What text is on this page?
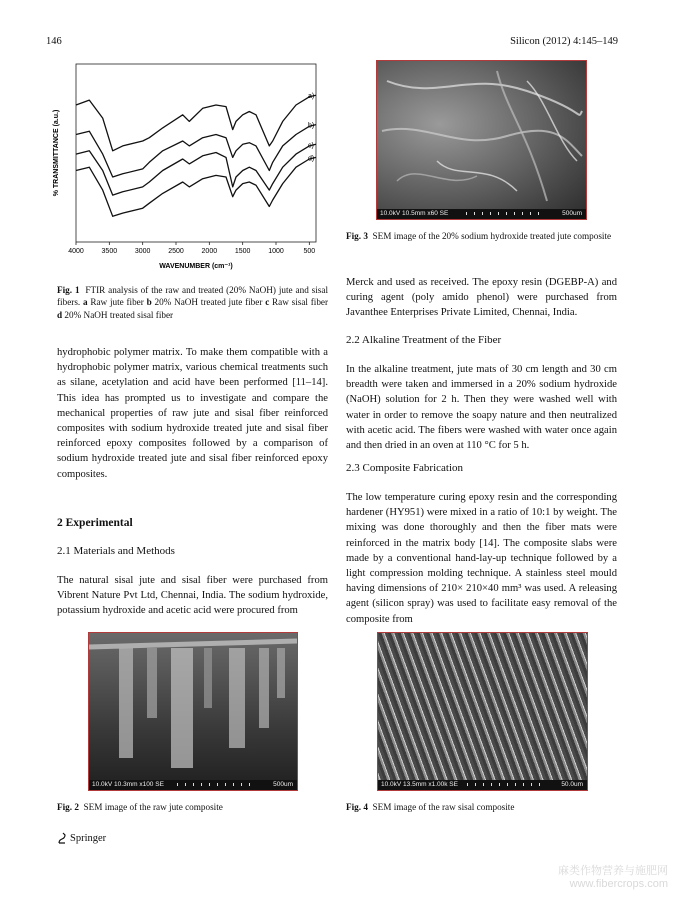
146	Silicon (2012) 4:145–149
4000	3500	3000	2500	2000	1500	1000	500
a)
b)
c)
d)
% TRANSMITTANCE (a.u.)
WAVENUMBER (cm⁻¹)

Fig. 1 FTIR analysis of the raw and treated (20% NaOH) jute and sisal fibers. a Raw jute fiber b 20% NaOH treated jute fiber c Raw sisal fiber d 20% NaOH treated sisal fiber

hydrophobic polymer matrix. To make them compatible with a hydrophobic polymer matrix, various chemical treatments such as silane, acetylation and acid have been performed [11–14]. This idea has prompted us to investigate and compare the mechanical properties of raw jute and sisal fiber reinforced composites with sodium hydroxide treated jute and sisal fiber reinforced epoxy composites followed by a comparison of sodium hydroxide treated jute and sisal fiber reinforced epoxy composites.

2 Experimental
2.1 Materials and Methods

The natural sisal jute and sisal fiber were purchased from Vibrent Nature Pvt Ltd, Chennai, India. The sodium hydroxide, potassium hydroxide and acetic acid were procured from

10.0kV 10.5mm x60 SE	500um

Fig. 3 SEM image of the 20% sodium hydroxide treated jute composite

Merck and used as received. The epoxy resin (DGEBP-A) and curing agent (poly amido phenol) were purchased from Javanthee Enterprises Private Limited, Chennai, India.

2.2 Alkaline Treatment of the Fiber

In the alkaline treatment, jute mats of 30 cm length and 30 cm breadth were taken and immersed in a 20% sodium hydroxide (NaOH) solution for 2 h. Then they were washed well with water in order to remove the soapy nature and then neutralized with acetic acid. The fibers were washed with water once again and then dried in an oven at 110 °C for 5 h.

2.3 Composite Fabrication

The low temperature curing epoxy resin and the corresponding hardener (HY951) were mixed in a ratio of 10:1 by weight. The mixing was done thoroughly and then the fiber mats were reinforced in the matrix body [14]. The composite slabs were made by a conventional hand-lay-up technique followed by a light compression molding technique. A stainless steel mould having dimensions of 210× 210×40 mm³ was used. A releasing agent (silicon spray) was used to facilitate easy removal of the composite from

10.0kV 10.3mm x100 SE	500um

Fig. 2 SEM image of the raw jute composite

10.0kV 13.5mm x1.00k SE	50.0um

Fig. 4 SEM image of the raw sisal composite

Springer
麻类作物营养与施肥网
www.fibercrops.com
